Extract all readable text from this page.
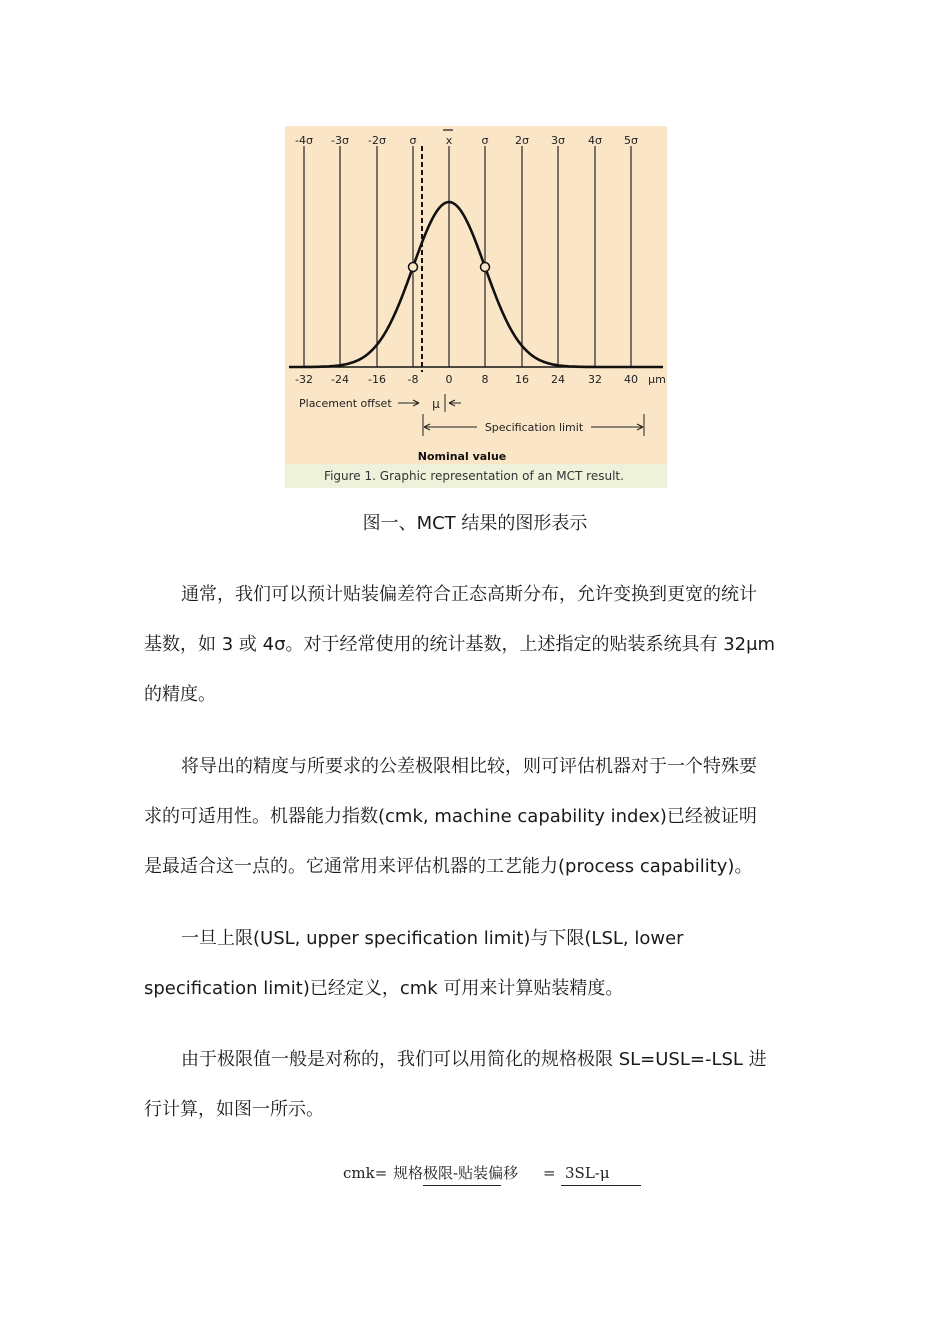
-4σ -3σ -2σ σ	x	σ 2σ 3σ 4σ 5σ
-32 -24 -16 -8 0	8 16 24 32 40 μm
Placement offset	μ
Specification limit
Nominal value
Figure 1. Graphic representation of an MCT result.
图一、MCT 结果的图形表示
通常，我们可以预计贴装偏差符合正态高斯分布，允许变换到更宽的统计
基数，如 3 或 4σ。对于经常使用的统计基数，上述指定的贴装系统具有 32μm
的精度。
将导出的精度与所要求的公差极限相比较，则可评估机器对于一个特殊要
求的可适用性。机器能力指数(cmk, machine capability index)已经被证明
是最适合这一点的。它通常用来评估机器的工艺能力(process capability)。
一旦上限(USL, upper specification limit)与下限(LSL, lower
specification limit)已经定义，cmk 可用来计算贴装精度。
由于极限值一般是对称的，我们可以用简化的规格极限 SL=USL=-LSL 进
行计算，如图一所示。
cmk= 规格极限-贴装偏移 = 3SL-μ
